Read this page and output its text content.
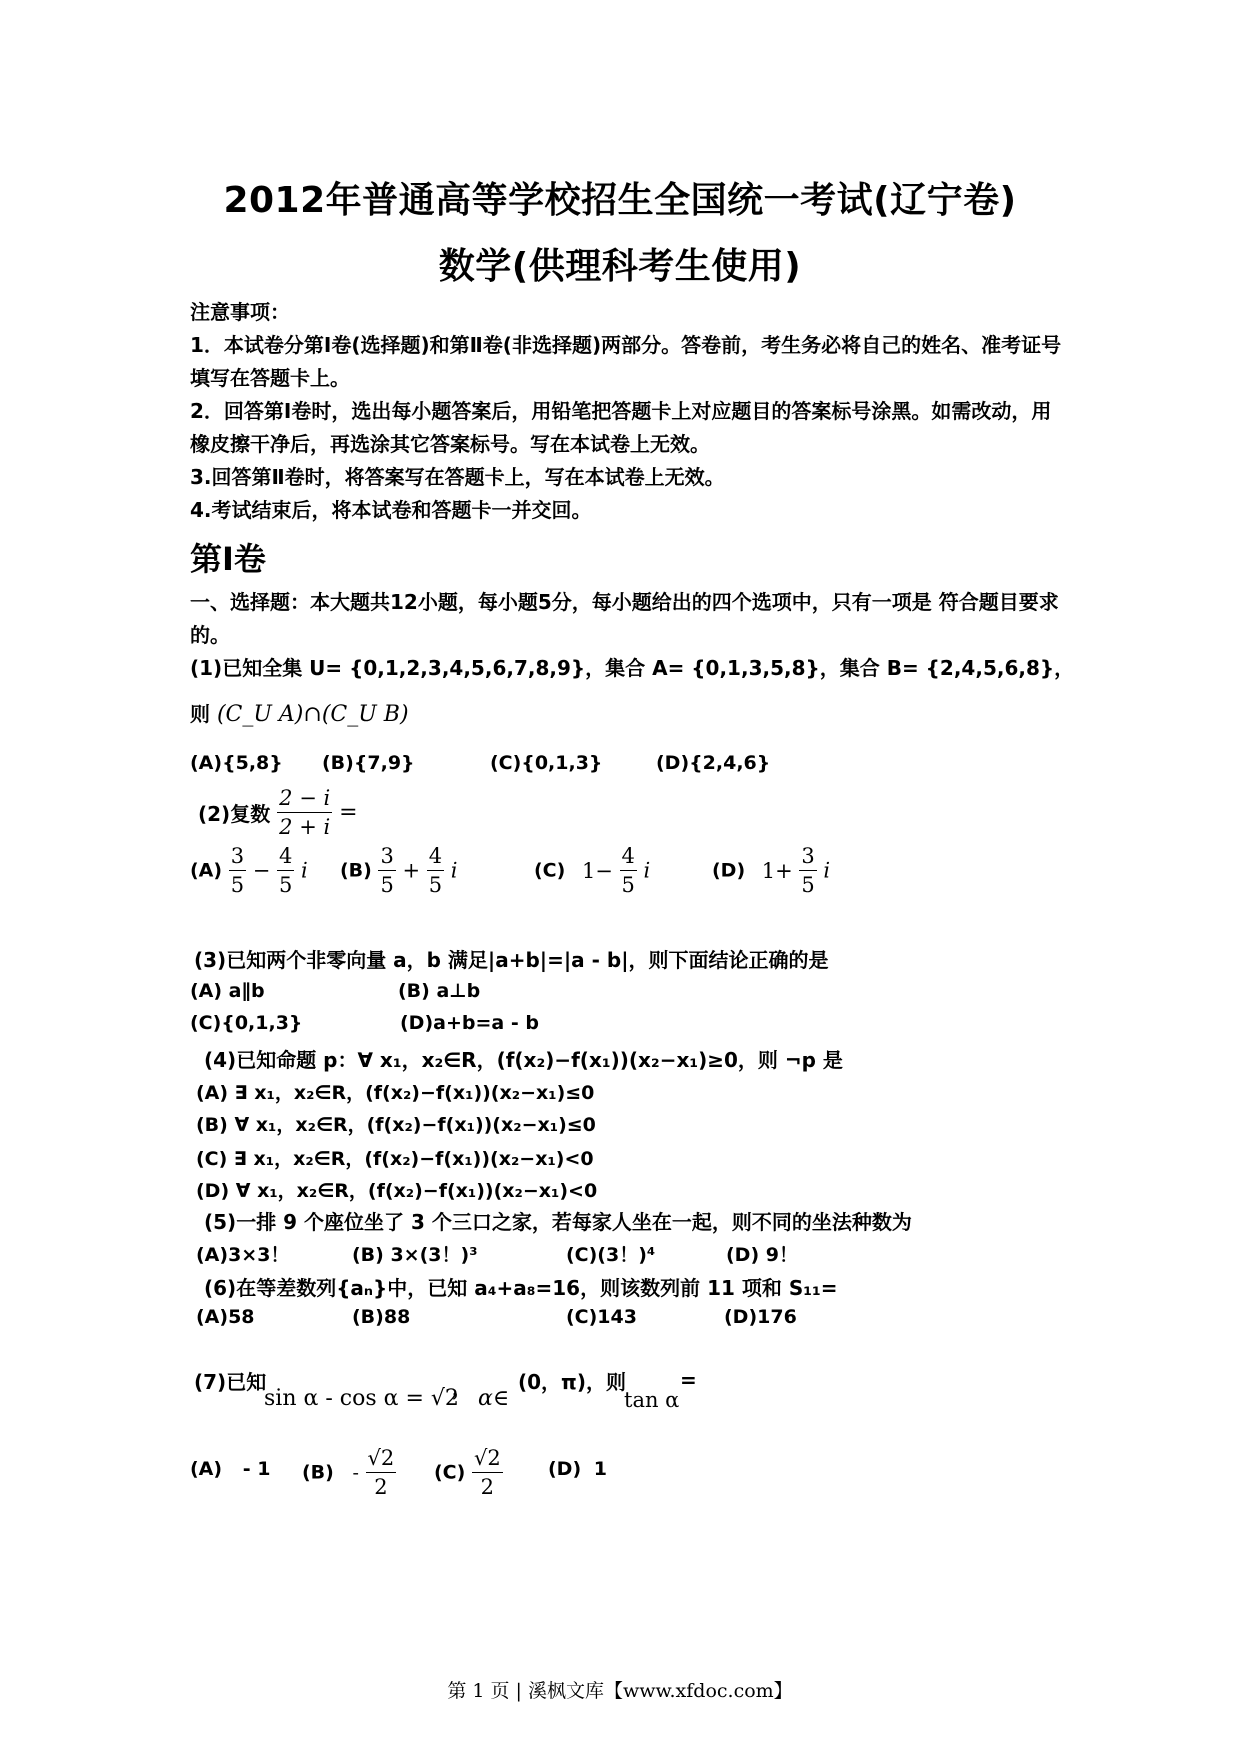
2012年普通高等学校招生全国统一考试(辽宁卷)
数学(供理科考生使用)

注意事项：

1．本试卷分第Ⅰ卷(选择题)和第Ⅱ卷(非选择题)两部分。答卷前，考生务必将自己的姓名、准考证号填写在答题卡上。

2．回答第Ⅰ卷时，选出每小题答案后，用铅笔把答题卡上对应题目的答案标号涂黑。如需改动，用橡皮擦干净后，再选涂其它答案标号。写在本试卷上无效。

3.回答第Ⅱ卷时，将答案写在答题卡上，写在本试卷上无效。

4.考试结束后，将本试卷和答题卡一并交回。

第Ⅰ卷
一、选择题：本大题共12小题，每小题5分，每小题给出的四个选项中，只有一项是 符合题目要求的。
(1)已知全集 U= {0,1,2,3,4,5,6,7,8,9}，集合 A= {0,1,3,5,8}，集合 B= {2,4,5,6,8}，
则 (C_U A)∩(C_U B)
(A){5,8} (B){7,9}	(C){0,1,3}	(D){2,4,6}
(2)复数 $\frac{2 - i}{2 + i}$ =
$(A) \frac{3}{5} - \frac{4}{5}$ i $(B) \frac{3}{5} + \frac{4}{5}$ i	(C) $1- \frac{4}{5}$ i	(D) $1+ \frac{3}{5}$ i
(3)已知两个非零向量 a，b 满足|a+b|=|a - b|，则下面结论正确的是
(A) a∥b	(B) a⊥b
(C){0,1,3}	(D)a+b=a - b
(4)已知命题 p：∀ x₁，x₂∈R，(f(x₂)−f(x₁))(x₂−x₁)≥0，则 ¬p 是
(A) ∃ x₁，x₂∈R，(f(x₂)−f(x₁))(x₂−x₁)≤0
(B) ∀ x₁，x₂∈R，(f(x₂)−f(x₁))(x₂−x₁)≤0
(C) ∃ x₁，x₂∈R，(f(x₂)−f(x₁))(x₂−x₁)<0
(D) ∀ x₁，x₂∈R，(f(x₂)−f(x₁))(x₂−x₁)<0
(5)一排 9 个座位坐了 3 个三口之家，若每家人坐在一起，则不同的坐法种数为
(A)3×3！	(B) 3×(3！)³	(C)(3！)⁴	(D) 9！
(6)在等差数列{aₙ}中，已知 a₄+a₈=16，则该数列前 11 项和 S₁₁=
(A)58	(B)88	(C)143	(D)176
(7)已知
sin α - cos α = √2
， α∈
(0，π)，则
tan α
=
(A) - 1 $(B) - \frac{√2}{2} (C) \frac{√2}{2} (D)$ 1
第 1 页 | 溪枫文库【www.xfdoc.com】
